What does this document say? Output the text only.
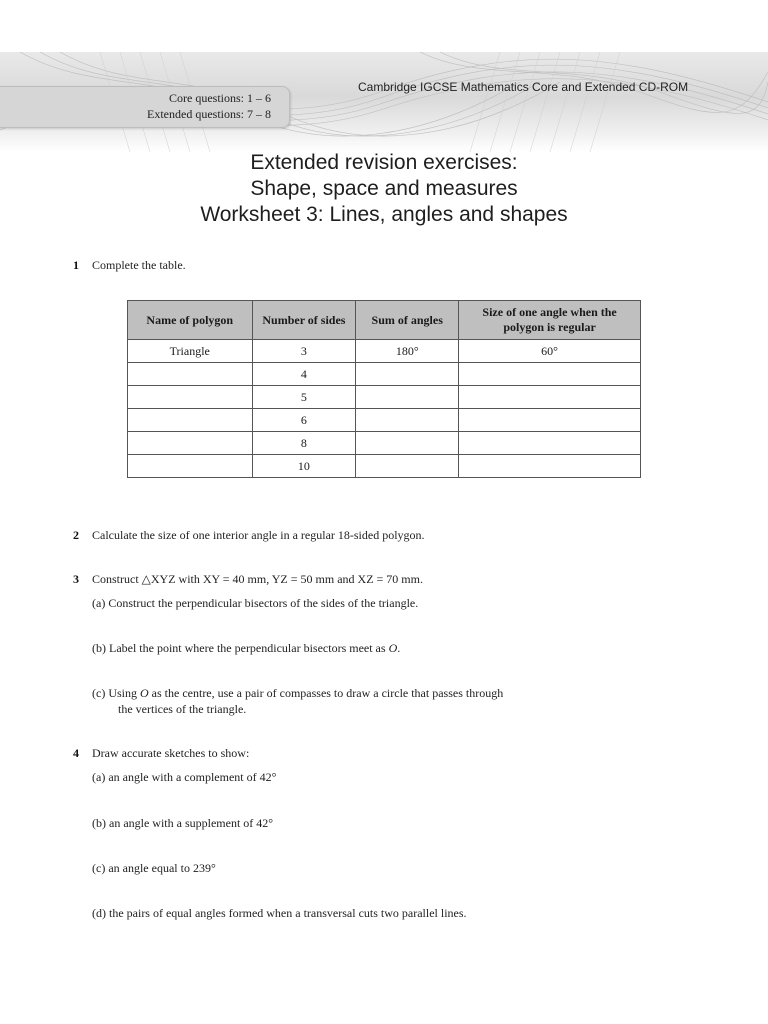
Core questions: 1 – 6
Extended questions: 7 – 8
Cambridge IGCSE Mathematics Core and Extended CD-ROM
Extended revision exercises:
Shape, space and measures
Worksheet 3: Lines, angles and shapes
1 Complete the table.
Name of polygon	Number of sides	Sum of angles	Size of one angle when the polygon is regular
Triangle	3	180°	60°
	4		
	5		
	6		
	8		
	10		
2 Calculate the size of one interior angle in a regular 18-sided polygon.
3 Construct △XYZ with XY = 40 mm, YZ = 50 mm and XZ = 70 mm.
(a) Construct the perpendicular bisectors of the sides of the triangle.
(b) Label the point where the perpendicular bisectors meet as O.
(c) Using O as the centre, use a pair of compasses to draw a circle that passes through
the vertices of the triangle.
4 Draw accurate sketches to show:
(a) an angle with a complement of 42°
(b) an angle with a supplement of 42°
(c) an angle equal to 239°
(d) the pairs of equal angles formed when a transversal cuts two parallel lines.
